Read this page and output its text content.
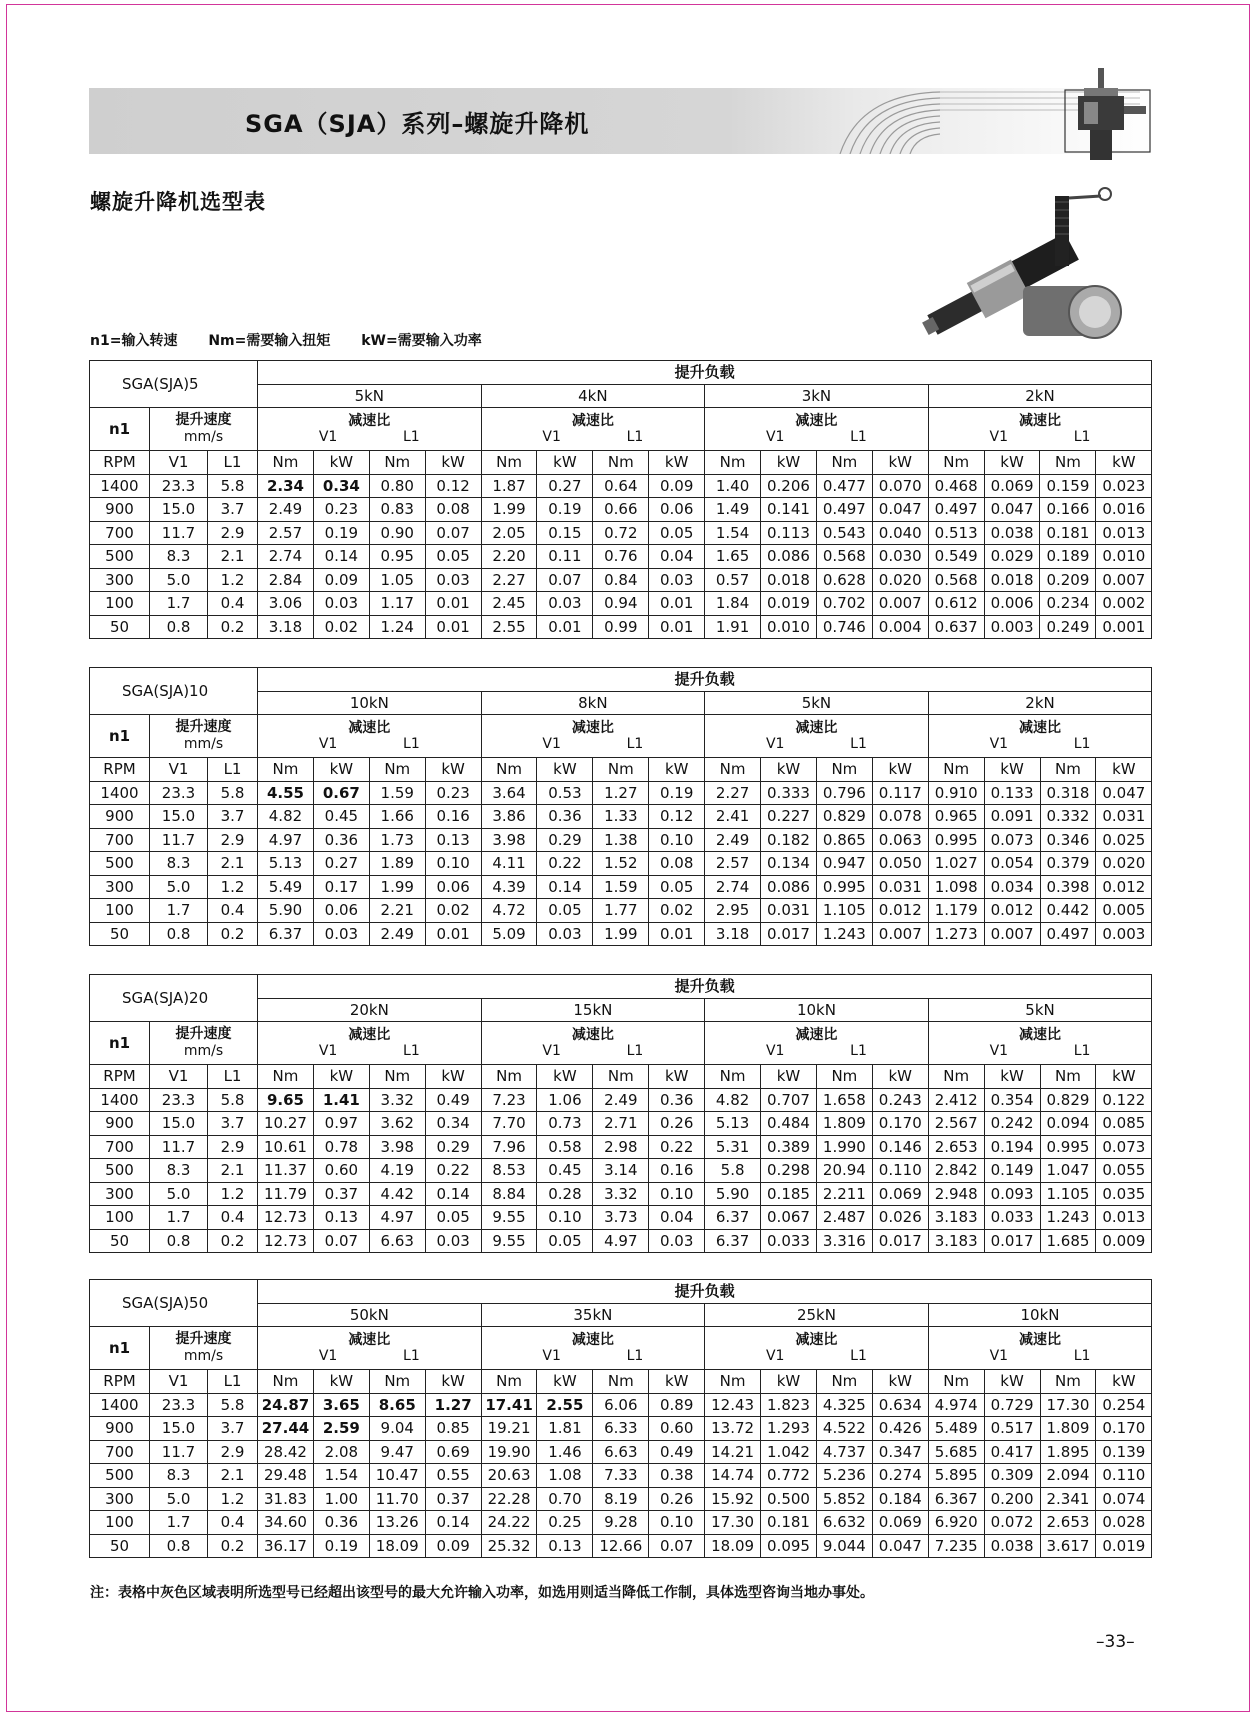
SGA（SJA）系列–螺旋升降机
螺旋升降机选型表
n1=输入转速 Nm=需要输入扭矩 kW=需要输入功率
SGA(SJA)5			提升负载															
			5kN				4kN				3kN				2kN			
n1	提升速度
mm/s		减速比
V1 L1				减速比
V1 L1				减速比
V1 L1				减速比
V1 L1			

RPM	V1	L1	Nm	kW	Nm	kW	Nm	kW	Nm	kW	Nm	kW	Nm	kW	Nm	kW	Nm	kW
1400	23.3	5.8	2.34	0.34	0.80	0.12	1.87	0.27	0.64	0.09	1.40	0.206	0.477	0.070	0.468	0.069	0.159	0.023
900	15.0	3.7	2.49	0.23	0.83	0.08	1.99	0.19	0.66	0.06	1.49	0.141	0.497	0.047	0.497	0.047	0.166	0.016
700	11.7	2.9	2.57	0.19	0.90	0.07	2.05	0.15	0.72	0.05	1.54	0.113	0.543	0.040	0.513	0.038	0.181	0.013
500	8.3	2.1	2.74	0.14	0.95	0.05	2.20	0.11	0.76	0.04	1.65	0.086	0.568	0.030	0.549	0.029	0.189	0.010
300	5.0	1.2	2.84	0.09	1.05	0.03	2.27	0.07	0.84	0.03	0.57	0.018	0.628	0.020	0.568	0.018	0.209	0.007
100	1.7	0.4	3.06	0.03	1.17	0.01	2.45	0.03	0.94	0.01	1.84	0.019	0.702	0.007	0.612	0.006	0.234	0.002
50	0.8	0.2	3.18	0.02	1.24	0.01	2.55	0.01	0.99	0.01	1.91	0.010	0.746	0.004	0.637	0.003	0.249	0.001
SGA(SJA)10			提升负载															
			10kN				8kN				5kN				2kN			
n1	提升速度
mm/s		减速比
V1 L1				减速比
V1 L1				减速比
V1 L1				减速比
V1 L1			

RPM	V1	L1	Nm	kW	Nm	kW	Nm	kW	Nm	kW	Nm	kW	Nm	kW	Nm	kW	Nm	kW
1400	23.3	5.8	4.55	0.67	1.59	0.23	3.64	0.53	1.27	0.19	2.27	0.333	0.796	0.117	0.910	0.133	0.318	0.047
900	15.0	3.7	4.82	0.45	1.66	0.16	3.86	0.36	1.33	0.12	2.41	0.227	0.829	0.078	0.965	0.091	0.332	0.031
700	11.7	2.9	4.97	0.36	1.73	0.13	3.98	0.29	1.38	0.10	2.49	0.182	0.865	0.063	0.995	0.073	0.346	0.025
500	8.3	2.1	5.13	0.27	1.89	0.10	4.11	0.22	1.52	0.08	2.57	0.134	0.947	0.050	1.027	0.054	0.379	0.020
300	5.0	1.2	5.49	0.17	1.99	0.06	4.39	0.14	1.59	0.05	2.74	0.086	0.995	0.031	1.098	0.034	0.398	0.012
100	1.7	0.4	5.90	0.06	2.21	0.02	4.72	0.05	1.77	0.02	2.95	0.031	1.105	0.012	1.179	0.012	0.442	0.005
50	0.8	0.2	6.37	0.03	2.49	0.01	5.09	0.03	1.99	0.01	3.18	0.017	1.243	0.007	1.273	0.007	0.497	0.003
SGA(SJA)20			提升负载															
			20kN				15kN				10kN				5kN			
n1	提升速度
mm/s		减速比
V1 L1				减速比
V1 L1				减速比
V1 L1				减速比
V1 L1			

RPM	V1	L1	Nm	kW	Nm	kW	Nm	kW	Nm	kW	Nm	kW	Nm	kW	Nm	kW	Nm	kW
1400	23.3	5.8	9.65	1.41	3.32	0.49	7.23	1.06	2.49	0.36	4.82	0.707	1.658	0.243	2.412	0.354	0.829	0.122
900	15.0	3.7	10.27	0.97	3.62	0.34	7.70	0.73	2.71	0.26	5.13	0.484	1.809	0.170	2.567	0.242	0.094	0.085
700	11.7	2.9	10.61	0.78	3.98	0.29	7.96	0.58	2.98	0.22	5.31	0.389	1.990	0.146	2.653	0.194	0.995	0.073
500	8.3	2.1	11.37	0.60	4.19	0.22	8.53	0.45	3.14	0.16	5.8	0.298	20.94	0.110	2.842	0.149	1.047	0.055
300	5.0	1.2	11.79	0.37	4.42	0.14	8.84	0.28	3.32	0.10	5.90	0.185	2.211	0.069	2.948	0.093	1.105	0.035
100	1.7	0.4	12.73	0.13	4.97	0.05	9.55	0.10	3.73	0.04	6.37	0.067	2.487	0.026	3.183	0.033	1.243	0.013
50	0.8	0.2	12.73	0.07	6.63	0.03	9.55	0.05	4.97	0.03	6.37	0.033	3.316	0.017	3.183	0.017	1.685	0.009
SGA(SJA)50			提升负载															
			50kN				35kN				25kN				10kN			
n1	提升速度
mm/s		减速比
V1 L1				减速比
V1 L1				减速比
V1 L1				减速比
V1 L1			

RPM	V1	L1	Nm	kW	Nm	kW	Nm	kW	Nm	kW	Nm	kW	Nm	kW	Nm	kW	Nm	kW
1400	23.3	5.8	24.87	3.65	8.65	1.27	17.41	2.55	6.06	0.89	12.43	1.823	4.325	0.634	4.974	0.729	17.30	0.254
900	15.0	3.7	27.44	2.59	9.04	0.85	19.21	1.81	6.33	0.60	13.72	1.293	4.522	0.426	5.489	0.517	1.809	0.170
700	11.7	2.9	28.42	2.08	9.47	0.69	19.90	1.46	6.63	0.49	14.21	1.042	4.737	0.347	5.685	0.417	1.895	0.139
500	8.3	2.1	29.48	1.54	10.47	0.55	20.63	1.08	7.33	0.38	14.74	0.772	5.236	0.274	5.895	0.309	2.094	0.110
300	5.0	1.2	31.83	1.00	11.70	0.37	22.28	0.70	8.19	0.26	15.92	0.500	5.852	0.184	6.367	0.200	2.341	0.074
100	1.7	0.4	34.60	0.36	13.26	0.14	24.22	0.25	9.28	0.10	17.30	0.181	6.632	0.069	6.920	0.072	2.653	0.028
50	0.8	0.2	36.17	0.19	18.09	0.09	25.32	0.13	12.66	0.07	18.09	0.095	9.044	0.047	7.235	0.038	3.617	0.019
注：表格中灰色区域表明所选型号已经超出该型号的最大允许输入功率，如选用则适当降低工作制，具体选型咨询当地办事处。
–33–
